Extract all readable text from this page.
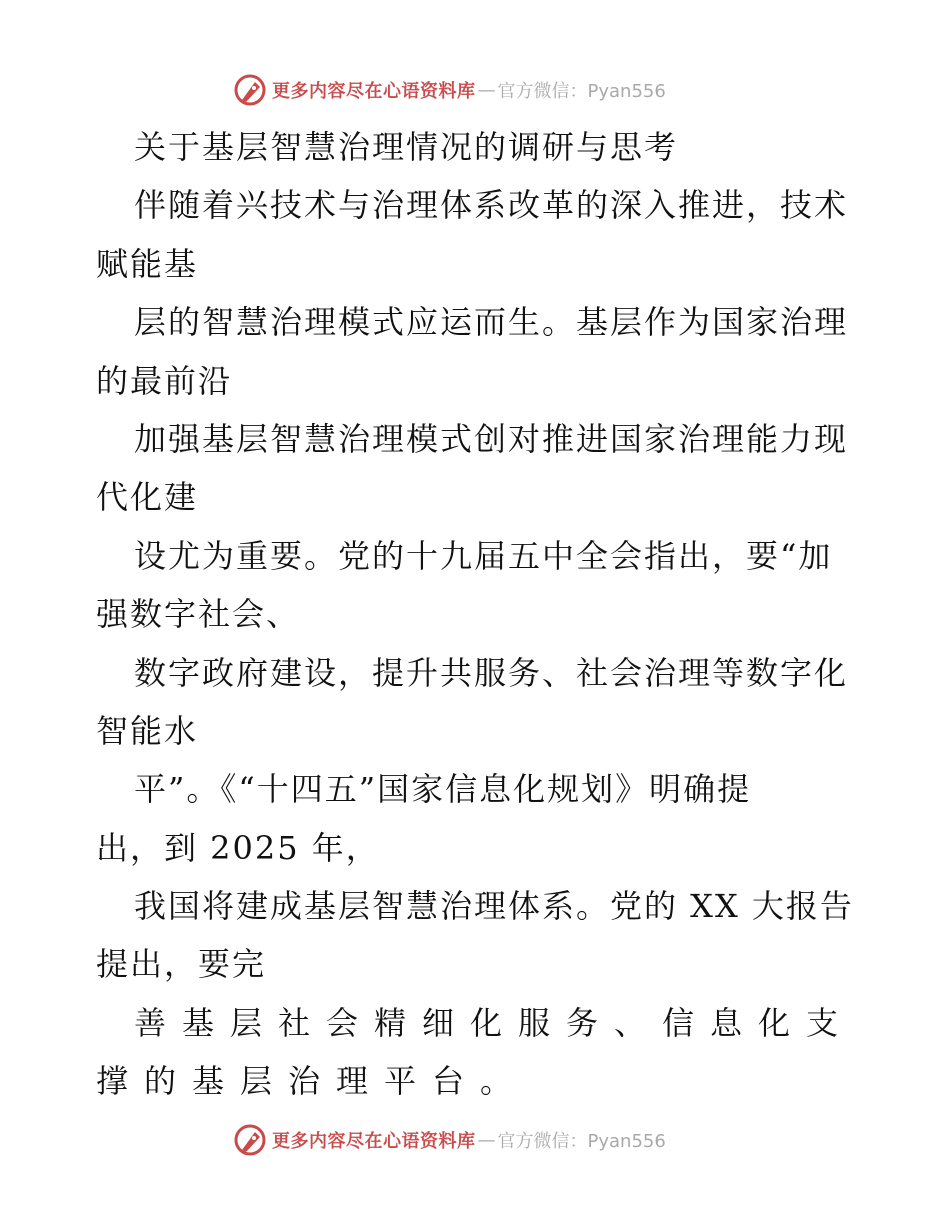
更多内容尽在心语资料库 — 官方微信：Pyan556
关于基层智慧治理情况的调研与思考
伴随着兴技术与治理体系改革的深入推进，技术
赋能基
层的智慧治理模式应运而生。基层作为国家治理
的最前沿
加强基层智慧治理模式创对推进国家治理能力现
代化建
设尤为重要。党的十九届五中全会指出，要“加
强数字社会、
数字政府建设，提升共服务、社会治理等数字化
智能水
平”。《“十四五”国家信息化规划》明确提
出，到 2025 年，
我国将建成基层智慧治理体系。党的 XX 大报告
提出，要完
善基层社会精细化服务、信息化支
撑的基层治理平台。
更多内容尽在心语资料库 — 官方微信：Pyan556
